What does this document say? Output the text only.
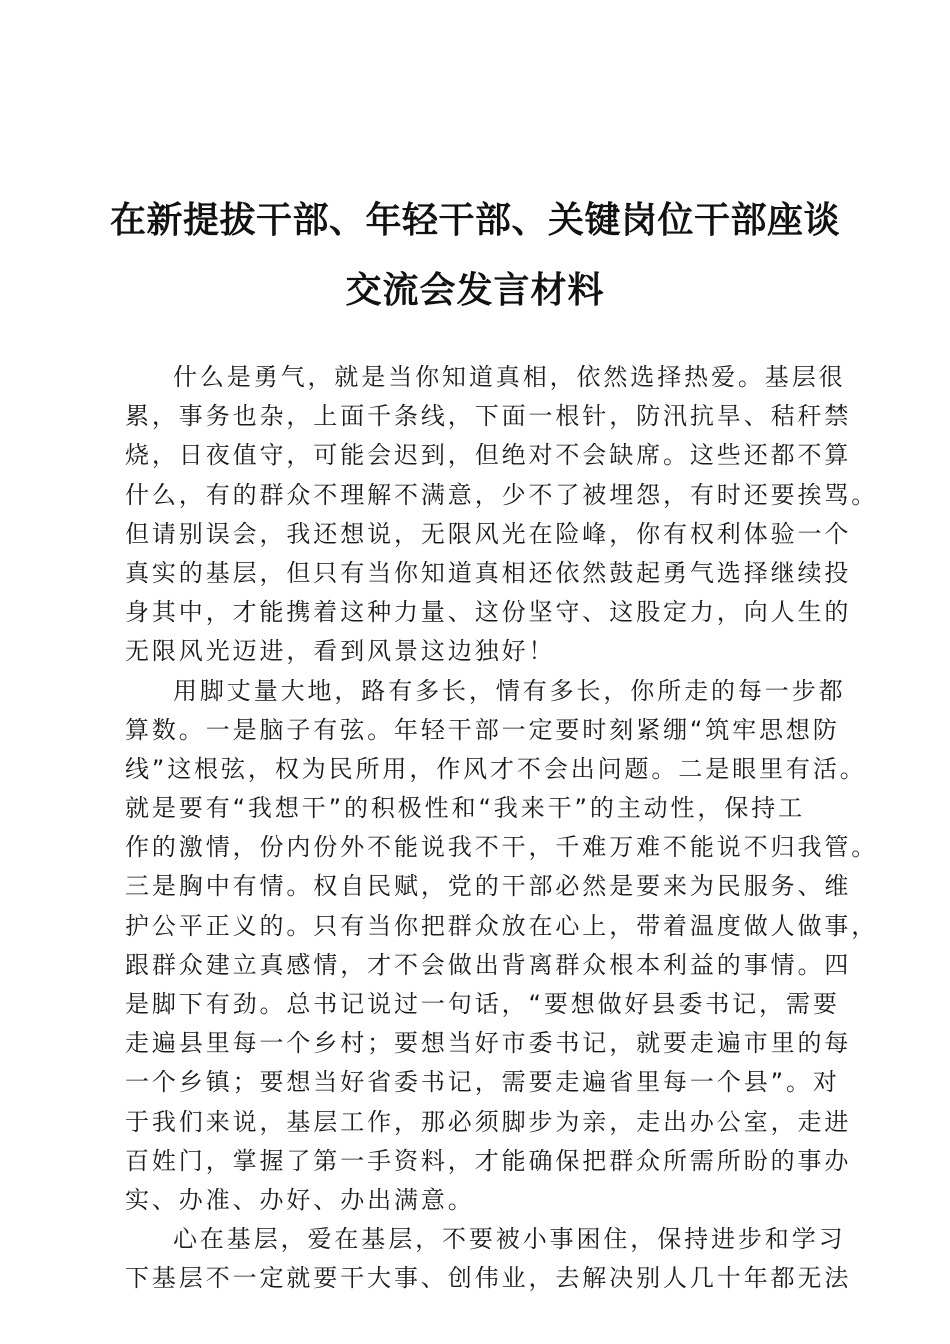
在新提拔干部、年轻干部、关键岗位干部座谈
交流会发言材料
什么是勇气，就是当你知道真相，依然选择热爱。基层很
累，事务也杂，上面千条线，下面一根针，防汛抗旱、秸秆禁
烧，日夜值守，可能会迟到，但绝对不会缺席。这些还都不算
什么，有的群众不理解不满意，少不了被埋怨，有时还要挨骂。
但请别误会，我还想说，无限风光在险峰，你有权利体验一个
真实的基层，但只有当你知道真相还依然鼓起勇气选择继续投
身其中，才能携着这种力量、这份坚守、这股定力，向人生的
无限风光迈进，看到风景这边独好！
用脚丈量大地，路有多长，情有多长，你所走的每一步都
算数。一是脑子有弦。年轻干部一定要时刻紧绷“筑牢思想防
线”这根弦，权为民所用，作风才不会出问题。二是眼里有活。
就是要有“我想干”的积极性和“我来干”的主动性，保持工
作的激情，份内份外不能说我不干，千难万难不能说不归我管。
三是胸中有情。权自民赋，党的干部必然是要来为民服务、维
护公平正义的。只有当你把群众放在心上，带着温度做人做事，
跟群众建立真感情，才不会做出背离群众根本利益的事情。四
是脚下有劲。总书记说过一句话，“要想做好县委书记，需要
走遍县里每一个乡村；要想当好市委书记，就要走遍市里的每
一个乡镇；要想当好省委书记，需要走遍省里每一个县”。对
于我们来说，基层工作，那必须脚步为亲，走出办公室，走进
百姓门，掌握了第一手资料，才能确保把群众所需所盼的事办
实、办准、办好、办出满意。
心在基层，爱在基层，不要被小事困住，保持进步和学习
下基层不一定就要干大事、创伟业，去解决别人几十年都无法
